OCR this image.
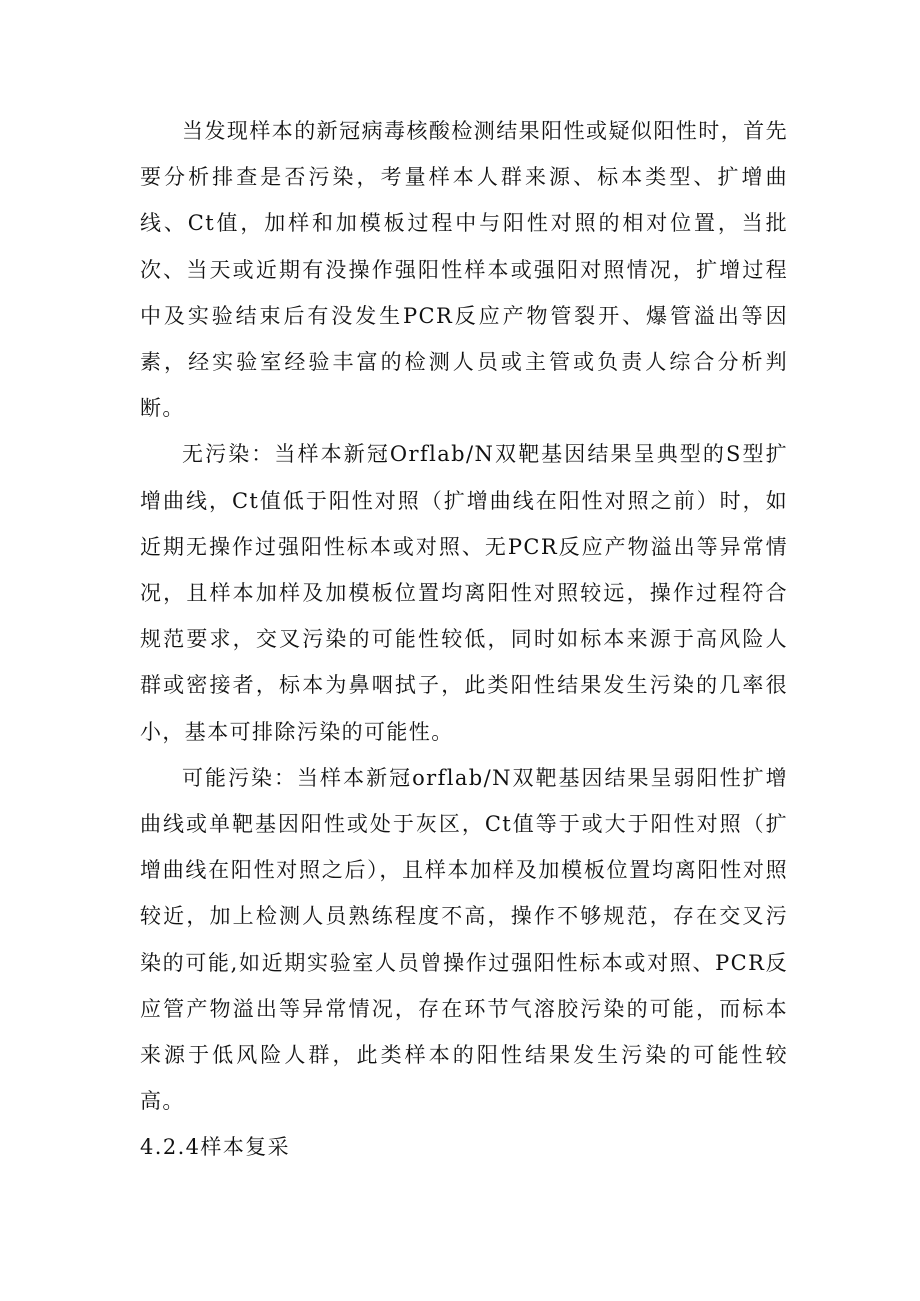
当发现样本的新冠病毒核酸检测结果阳性或疑似阳性时，首先要分析排查是否污染，考量样本人群来源、标本类型、扩增曲线、Ct值，加样和加模板过程中与阳性对照的相对位置，当批次、当天或近期有没操作强阳性样本或强阳对照情况，扩增过程中及实验结束后有没发生PCR反应产物管裂开、爆管溢出等因素，经实验室经验丰富的检测人员或主管或负责人综合分析判断。

无污染：当样本新冠Orflab/N双靶基因结果呈典型的S型扩增曲线，Ct值低于阳性对照（扩增曲线在阳性对照之前）时，如近期无操作过强阳性标本或对照、无PCR反应产物溢出等异常情况，且样本加样及加模板位置均离阳性对照较远，操作过程符合规范要求，交叉污染的可能性较低，同时如标本来源于高风险人群或密接者，标本为鼻咽拭子，此类阳性结果发生污染的几率很小，基本可排除污染的可能性。

可能污染：当样本新冠orflab/N双靶基因结果呈弱阳性扩增曲线或单靶基因阳性或处于灰区，Ct值等于或大于阳性对照（扩增曲线在阳性对照之后），且样本加样及加模板位置均离阳性对照较近，加上检测人员熟练程度不高，操作不够规范，存在交叉污染的可能,如近期实验室人员曾操作过强阳性标本或对照、PCR反应管产物溢出等异常情况，存在环节气溶胶污染的可能，而标本来源于低风险人群，此类样本的阳性结果发生污染的可能性较高。

4.2.4样本复采
